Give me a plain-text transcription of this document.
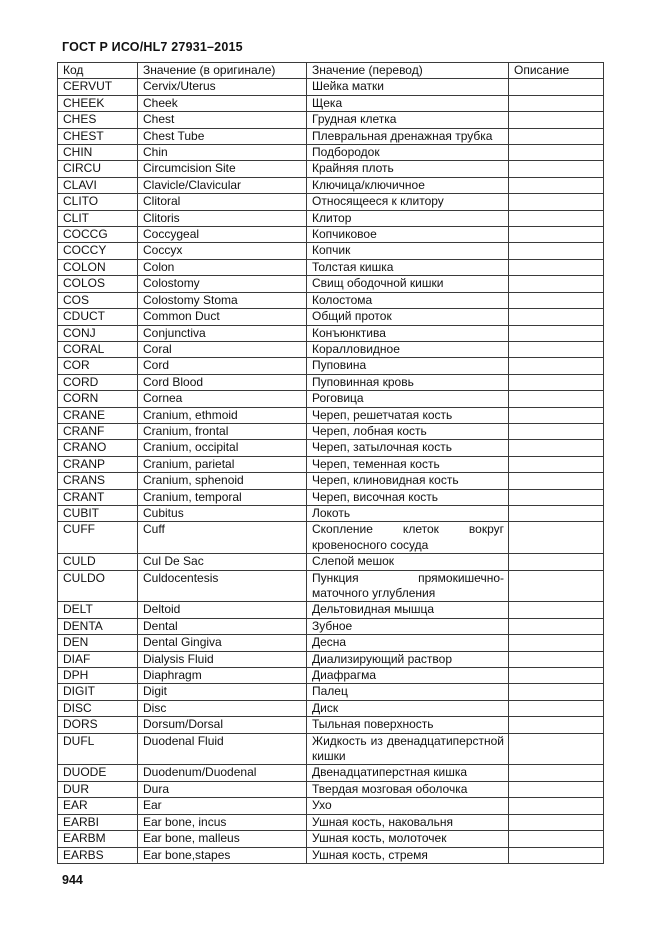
ГОСТ Р ИСО/HL7 27931–2015
Код	Значение (в оригинале)	Значение (перевод)	Описание
CERVUT	Cervix/Uterus	Шейка матки	
CHEEK	Cheek	Щека	
CHES	Chest	Грудная клетка	
CHEST	Chest Tube	Плевральная дренажная трубка	
CHIN	Chin	Подбородок	
CIRCU	Circumcision Site	Крайняя плоть	
CLAVI	Clavicle/Clavicular	Ключица/ключичное	
CLITO	Clitoral	Относящееся к клитору	
CLIT	Clitoris	Клитор	
COCCG	Coccygeal	Копчиковое	
COCCY	Coccyx	Копчик	
COLON	Colon	Толстая кишка	
COLOS	Colostomy	Свищ ободочной кишки	
COS	Colostomy Stoma	Колостома	
CDUCT	Common Duct	Общий проток	
CONJ	Conjunctiva	Конъюнктива	
CORAL	Coral	Коралловидное	
COR	Cord	Пуповина	
CORD	Cord Blood	Пуповинная кровь	
CORN	Cornea	Роговица	
CRANE	Cranium, ethmoid	Череп, решетчатая кость	
CRANF	Cranium, frontal	Череп, лобная кость	
CRANO	Cranium, occipital	Череп, затылочная кость	
CRANP	Cranium, parietal	Череп, теменная кость	
CRANS	Cranium, sphenoid	Череп, клиновидная кость	
CRANT	Cranium, temporal	Череп, височная кость	
CUBIT	Cubitus	Локоть	
CUFF	Cuff	Скопление клеток вокруг кровеносного сосуда	
CULD	Cul De Sac	Слепой мешок	
CULDO	Culdocentesis	Пункция прямокишечно-маточного углубления	
DELT	Deltoid	Дельтовидная мышца	
DENTA	Dental	Зубное	
DEN	Dental Gingiva	Десна	
DIAF	Dialysis Fluid	Диализирующий раствор	
DPH	Diaphragm	Диафрагма	
DIGIT	Digit	Палец	
DISC	Disc	Диск	
DORS	Dorsum/Dorsal	Тыльная поверхность	
DUFL	Duodenal Fluid	Жидкость из двенадцатиперстной кишки	
DUODE	Duodenum/Duodenal	Двенадцатиперстная кишка	
DUR	Dura	Твердая мозговая оболочка	
EAR	Ear	Ухо	
EARBI	Ear bone, incus	Ушная кость, наковальня	
EARBM	Ear bone, malleus	Ушная кость, молоточек	
EARBS	Ear bone,stapes	Ушная кость, стремя	
944
